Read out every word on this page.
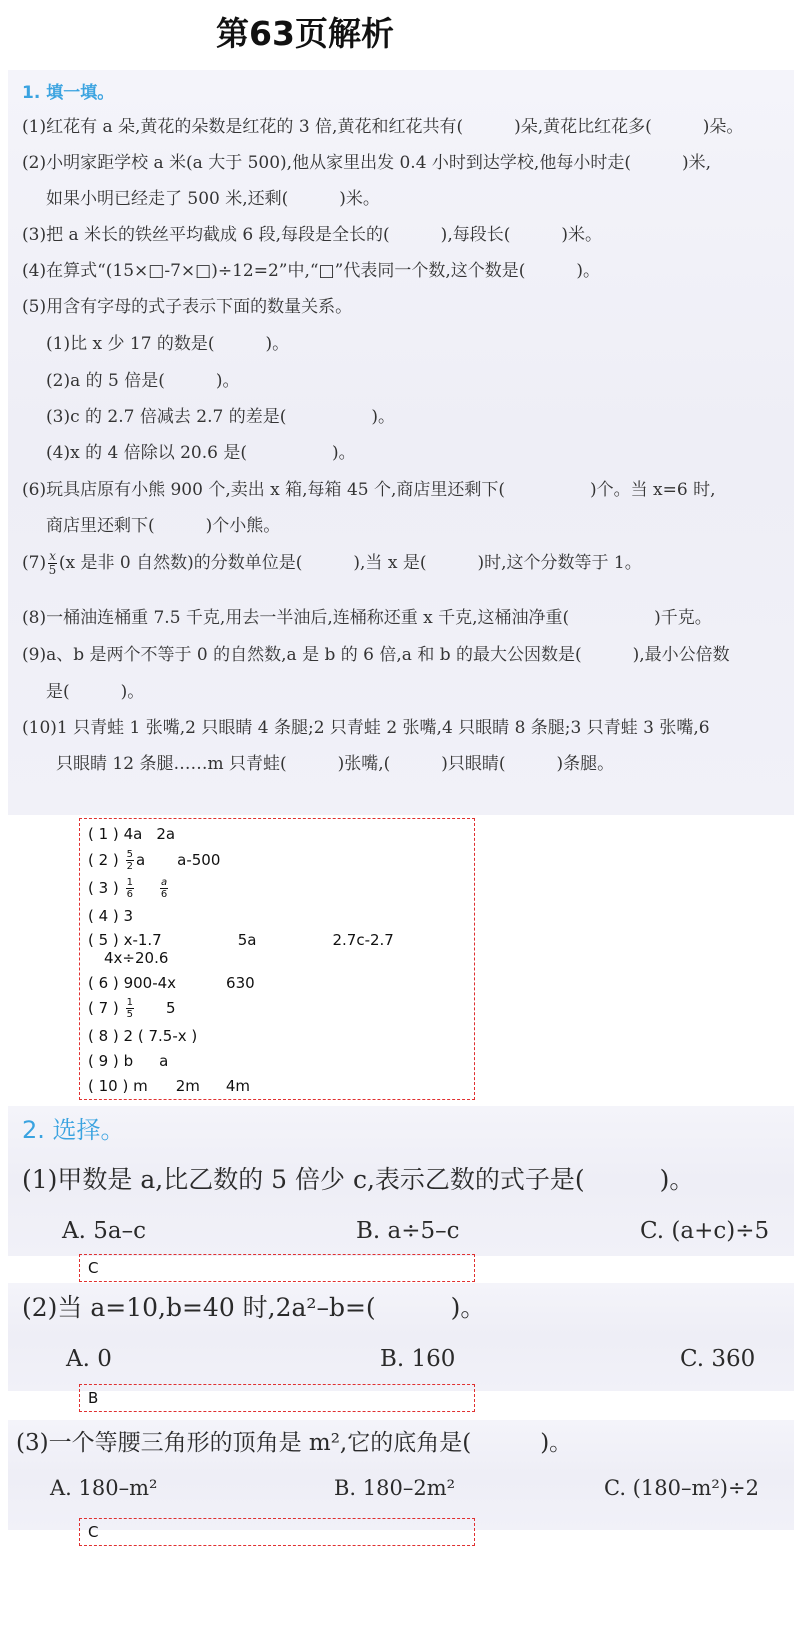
第63页解析
1. 填一填。
(1)红花有 a 朵,黄花的朵数是红花的 3 倍,黄花和红花共有(　　　)朵,黄花比红花多(　　　)朵。
(2)小明家距学校 a 米(a 大于 500),他从家里出发 0.4 小时到达学校,他每小时走(　　　)米,
如果小明已经走了 500 米,还剩(　　　)米。
(3)把 a 米长的铁丝平均截成 6 段,每段是全长的(　　　),每段长(　　　)米。
(4)在算式“(15×□-7×□)÷12=2”中,“□”代表同一个数,这个数是(　　　)。
(5)用含有字母的式子表示下面的数量关系。
(1)比 x 少 17 的数是(　　　)。
(2)a 的 5 倍是(　　　)。
(3)c 的 2.7 倍减去 2.7 的差是(　　　　　)。
(4)x 的 4 倍除以 20.6 是(　　　　　)。
(6)玩具店原有小熊 900 个,卖出 x 箱,每箱 45 个,商店里还剩下(　　　　　)个。当 x=6 时,
商店里还剩下(　　　)个小熊。
$(7) \frac{x}{5} (x$ 是非 0 自然数)的分数单位是(　　　),当 x 是(　　　)时,这个分数等于 1。
(8)一桶油连桶重 7.5 千克,用去一半油后,连桶称还重 x 千克,这桶油净重(　　　　　)千克。
(9)a、b 是两个不等于 0 的自然数,a 是 b 的 6 倍,a 和 b 的最大公因数是(　　　),最小公倍数
是(　　　)。
(10)1 只青蛙 1 张嘴,2 只眼睛 4 条腿;2 只青蛙 2 张嘴,4 只眼睛 8 条腿;3 只青蛙 3 张嘴,6
只眼睛 12 条腿……m 只青蛙(　　　)张嘴,(　　　)只眼睛(　　　)条腿。
( 1 ) 4a 2a
( 2 ) $\frac{5}{2}$ a a-500
( 3 ) $\frac{1}{6}$	$\frac{a}{6}$
( 4 ) 3
( 5 ) x-1.7	5a	2.7c-2.7
4x÷20.6
( 6 ) 900-4x	630
( 7 ) $\frac{1}{5} 5$
( 8 ) 2 ( 7.5-x )
( 9 ) b a
( 10 ) m 2m 4m
2. 选择。
(1)甲数是 a,比乙数的 5 倍少 c,表示乙数的式子是(　　　)。
A. 5a–c	B. a÷5–c	C. (a+c)÷5
C
(2)当 a=10,b=40 时,2a²–b=(　　　)。
A. 0	B. 160	C. 360
B
(3)一个等腰三角形的顶角是 m²,它的底角是(　　　)。
A. 180–m²	B. 180–2m²	C. (180–m²)÷2
C
